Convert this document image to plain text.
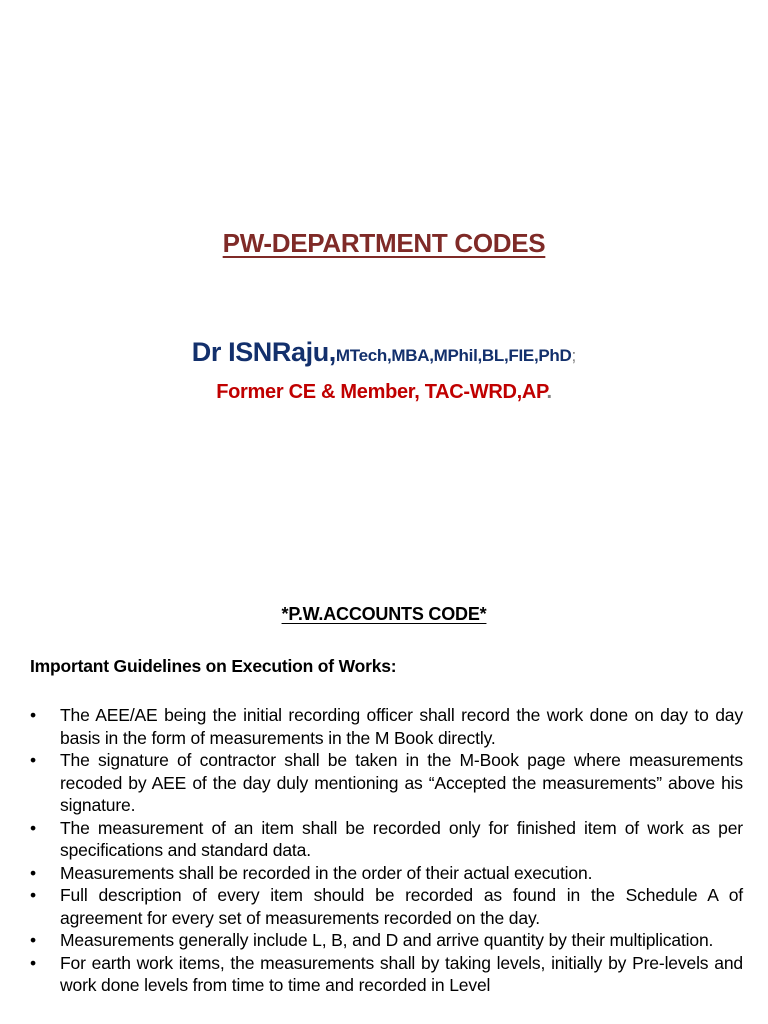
PW-DEPARTMENT CODES
Dr ISNRaju,MTech,MBA,MPhil,BL,FIE,PhD;
Former CE & Member, TAC-WRD,AP.
*P.W.ACCOUNTS CODE*
Important Guidelines on Execution of Works:
•	The AEE/AE being the initial recording officer shall record the work done on day to day basis in the form of measurements in the M Book directly.
•	The signature of contractor shall be taken in the M-Book page where measurements recoded by AEE of the day duly mentioning as “Accepted the measurements” above his signature.
•	The measurement of an item shall be recorded only for finished item of work as per specifications and standard data.
•	Measurements shall be recorded in the order of their actual execution.
•	Full description of every item should be recorded as found in the Schedule A of agreement for every set of measurements recorded on the day.
•	Measurements generally include L, B, and D and arrive quantity by their multiplication.
•	For earth work items, the measurements shall by taking levels, initially by Pre-levels and work done levels from time to time and recorded in Level
